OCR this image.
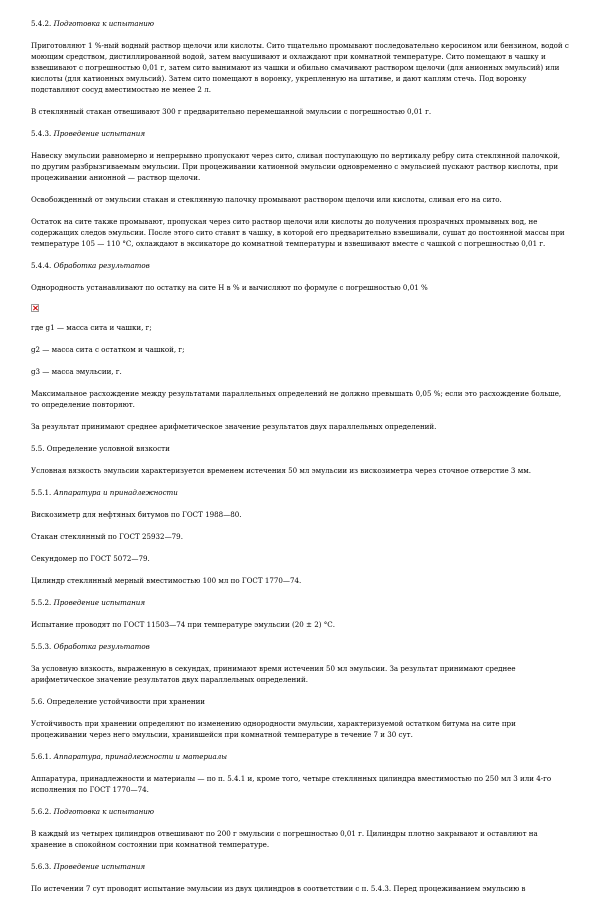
5.4.2. Подготовка к испытанию
Приготовляют 1 %-ный водный раствор щелочи или кислоты. Сито тщательно промывают последовательно керосином или бензином, водой с моющим средством, дистиллированной водой, затем высушивают и охлаждают при комнатной температуре. Сито помещают в чашку и взвешивают с погрешностью 0,01 г, затем сито вынимают из чашки и обильно смачивают раствором щелочи (для анионных эмульсий) или кислоты (для катионных эмульсий). Затем сито помещают в воронку, укрепленную на штативе, и дают каплям стечь. Под воронку подставляют сосуд вместимостью не менее 2 л.
В стеклянный стакан отвешивают 300 г предварительно перемешанной эмульсии с погрешностью 0,01 г.
5.4.3. Проведение испытания
Навеску эмульсии равномерно и непрерывно пропускают через сито, сливая поступающую по вертикалу ребру сита стеклянной палочкой, по другим разбрызгиваемым эмульсии. При процеживании катионной эмульсии одновременно с эмульсией пускают раствор кислоты, при процеживании анионной — раствор щелочи.
Освобожденный от эмульсии стакан и стеклянную палочку промывают раствором щелочи или кислоты, сливая его на сито.
Остаток на сите также промывают, пропуская через сито раствор щелочи или кислоты до получения прозрачных промывных вод, не содержащих следов эмульсии. После этого сито ставят в чашку, в которой его предварительно взвешивали, сушат до постоянной массы при температуре 105 — 110 °С, охлаждают в эксикаторе до комнатной температуры и взвешивают вместе с чашкой с погрешностью 0,01 г.
5.4.4. Обработка результатов
Однородность устанавливают по остатку на сите Н в % и вычисляют по формуле с погрешностью 0,01 %
где g1 — масса сита и чашки, г;
g2 — масса сита с остатком и чашкой, г;
g3 — масса эмульсии, г.
Максимальное расхождение между результатами параллельных определений не должно превышать 0,05 %; если это расхождение больше, то определение повторяют.
За результат принимают среднее арифметическое значение результатов двух параллельных определений.
5.5. Определение условной вязкости
Условная вязкость эмульсии характеризуется временем истечения 50 мл эмульсии из вискозиметра через сточное отверстие 3 мм.
5.5.1. Аппаратура и принадлежности
Вискозиметр для нефтяных битумов по ГОСТ 1988—80.
Стакан стеклянный по ГОСТ 25932—79.
Секундомер по ГОСТ 5072—79.
Цилиндр стеклянный мерный вместимостью 100 мл по ГОСТ 1770—74.
5.5.2. Проведение испытания
Испытание проводят по ГОСТ 11503—74 при температуре эмульсии (20 ± 2) °С.
5.5.3. Обработка результатов
За условную вязкость, выраженную в секундах, принимают время истечения 50 мл эмульсии. За результат принимают среднее арифметическое значение результатов двух параллельных определений.
5.6. Определение устойчивости при хранении
Устойчивость при хранении определяют по изменению однородности эмульсии, характеризуемой остатком битума на сите при процеживании через него эмульсии, хранившейся при комнатной температуре в течение 7 и 30 сут.
5.6.1. Аппаратура, принадлежности и материалы
Аппаратура, принадлежности и материалы — по п. 5.4.1 и, кроме того, четыре стеклянных цилиндра вместимостью по 250 мл 3 или 4-го исполнения по ГОСТ 1770—74.
5.6.2. Подготовка к испытанию
В каждый из четырех цилиндров отвешивают по 200 г эмульсии с погрешностью 0,01 г. Цилиндры плотно закрывают и оставляют на хранение в спокойном состоянии при комнатной температуре.
5.6.3. Проведение испытания
По истечении 7 сут проводят испытание эмульсии из двух цилиндров в соответствии с п. 5.4.3. Перед процеживанием эмульсию в
